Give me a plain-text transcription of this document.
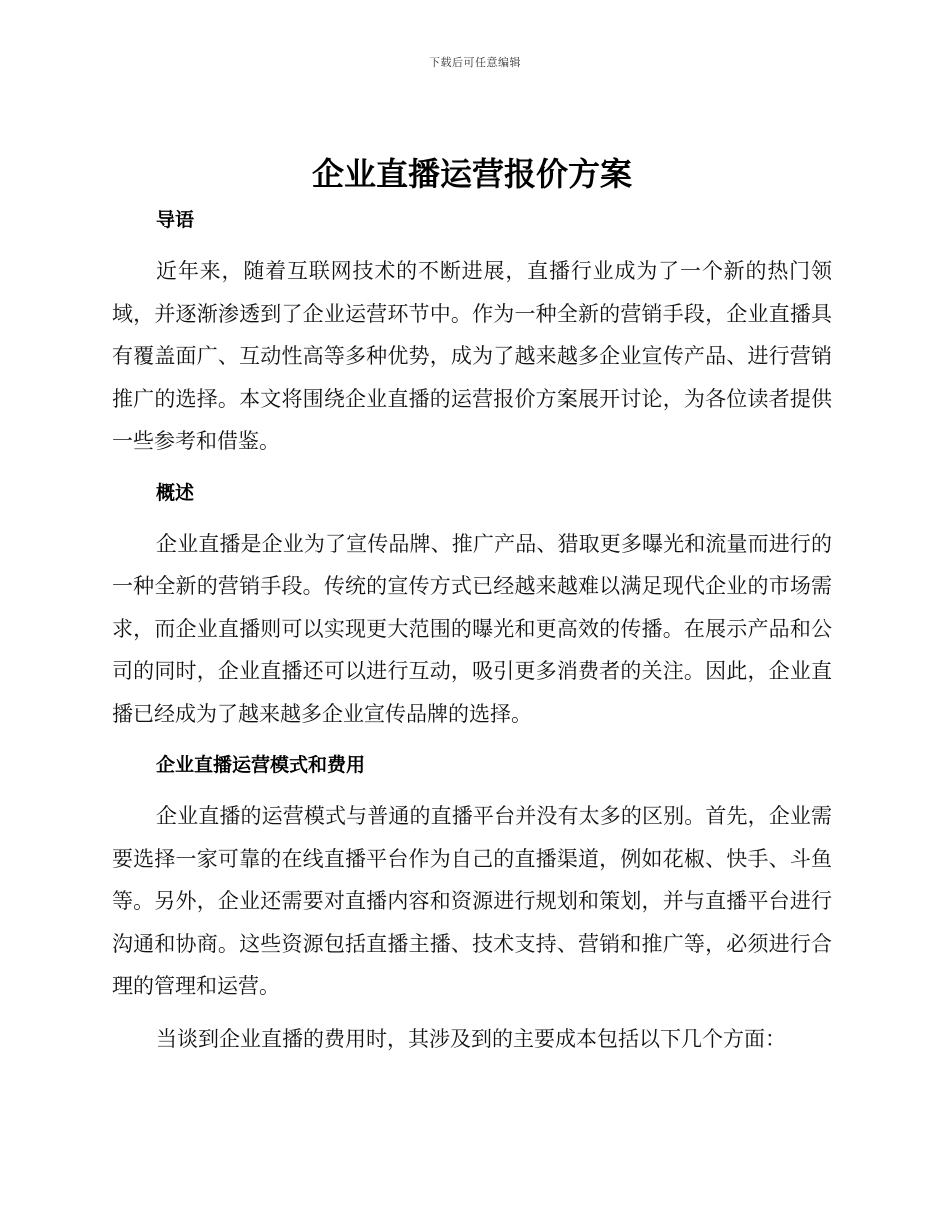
下载后可任意编辑
企业直播运营报价方案
导语

近年来，随着互联网技术的不断进展，直播行业成为了一个新的热门领域，并逐渐渗透到了企业运营环节中。作为一种全新的营销手段，企业直播具有覆盖面广、互动性高等多种优势，成为了越来越多企业宣传产品、进行营销推广的选择。本文将围绕企业直播的运营报价方案展开讨论，为各位读者提供一些参考和借鉴。

概述

企业直播是企业为了宣传品牌、推广产品、猎取更多曝光和流量而进行的一种全新的营销手段。传统的宣传方式已经越来越难以满足现代企业的市场需求，而企业直播则可以实现更大范围的曝光和更高效的传播。在展示产品和公司的同时，企业直播还可以进行互动，吸引更多消费者的关注。因此，企业直播已经成为了越来越多企业宣传品牌的选择。

企业直播运营模式和费用

企业直播的运营模式与普通的直播平台并没有太多的区别。首先，企业需要选择一家可靠的在线直播平台作为自己的直播渠道，例如花椒、快手、斗鱼等。另外，企业还需要对直播内容和资源进行规划和策划，并与直播平台进行沟通和协商。这些资源包括直播主播、技术支持、营销和推广等，必须进行合理的管理和运营。

当谈到企业直播的费用时，其涉及到的主要成本包括以下几个方面：
